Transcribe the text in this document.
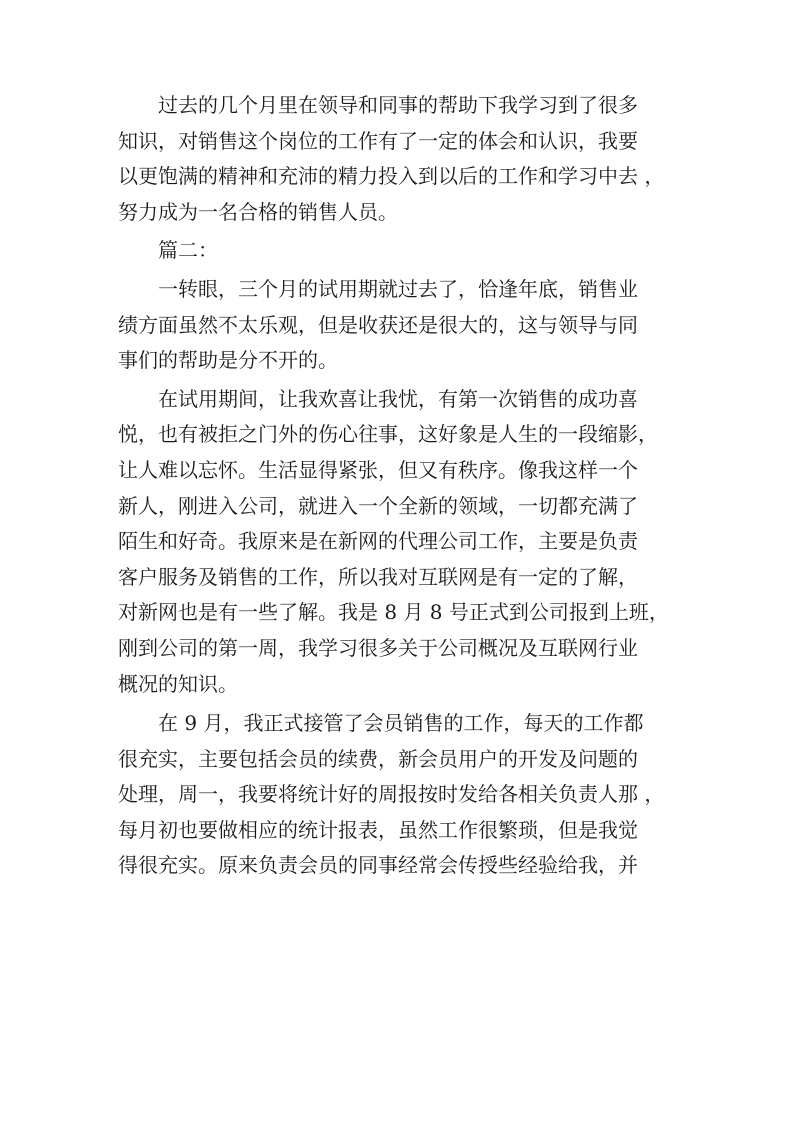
过去的几个月里在领导和同事的帮助下我学习到了很多
知识，对销售这个岗位的工作有了一定的体会和认识，我要
以更饱满的精神和充沛的精力投入到以后的工作和学习中去 ，
努力成为一名合格的销售人员。
篇二：
一转眼，三个月的试用期就过去了，恰逢年底，销售业
绩方面虽然不太乐观，但是收获还是很大的，这与领导与同
事们的帮助是分不开的。
在试用期间，让我欢喜让我忧，有第一次销售的成功喜
悦，也有被拒之门外的伤心往事，这好象是人生的一段缩影，
让人难以忘怀。生活显得紧张，但又有秩序。像我这样一个
新人，刚进入公司，就进入一个全新的领域，一切都充满了
陌生和好奇。我原来是在新网的代理公司工作，主要是负责
客户服务及销售的工作，所以我对互联网是有一定的了解，
对新网也是有一些了解。我是 8 月 8 号正式到公司报到上班，
刚到公司的第一周，我学习很多关于公司概况及互联网行业
概况的知识。
在 9 月，我正式接管了会员销售的工作，每天的工作都
很充实，主要包括会员的续费，新会员用户的开发及问题的
处理，周一，我要将统计好的周报按时发给各相关负责人那 ，
每月初也要做相应的统计报表，虽然工作很繁琐，但是我觉
得很充实。原来负责会员的同事经常会传授些经验给我，并
